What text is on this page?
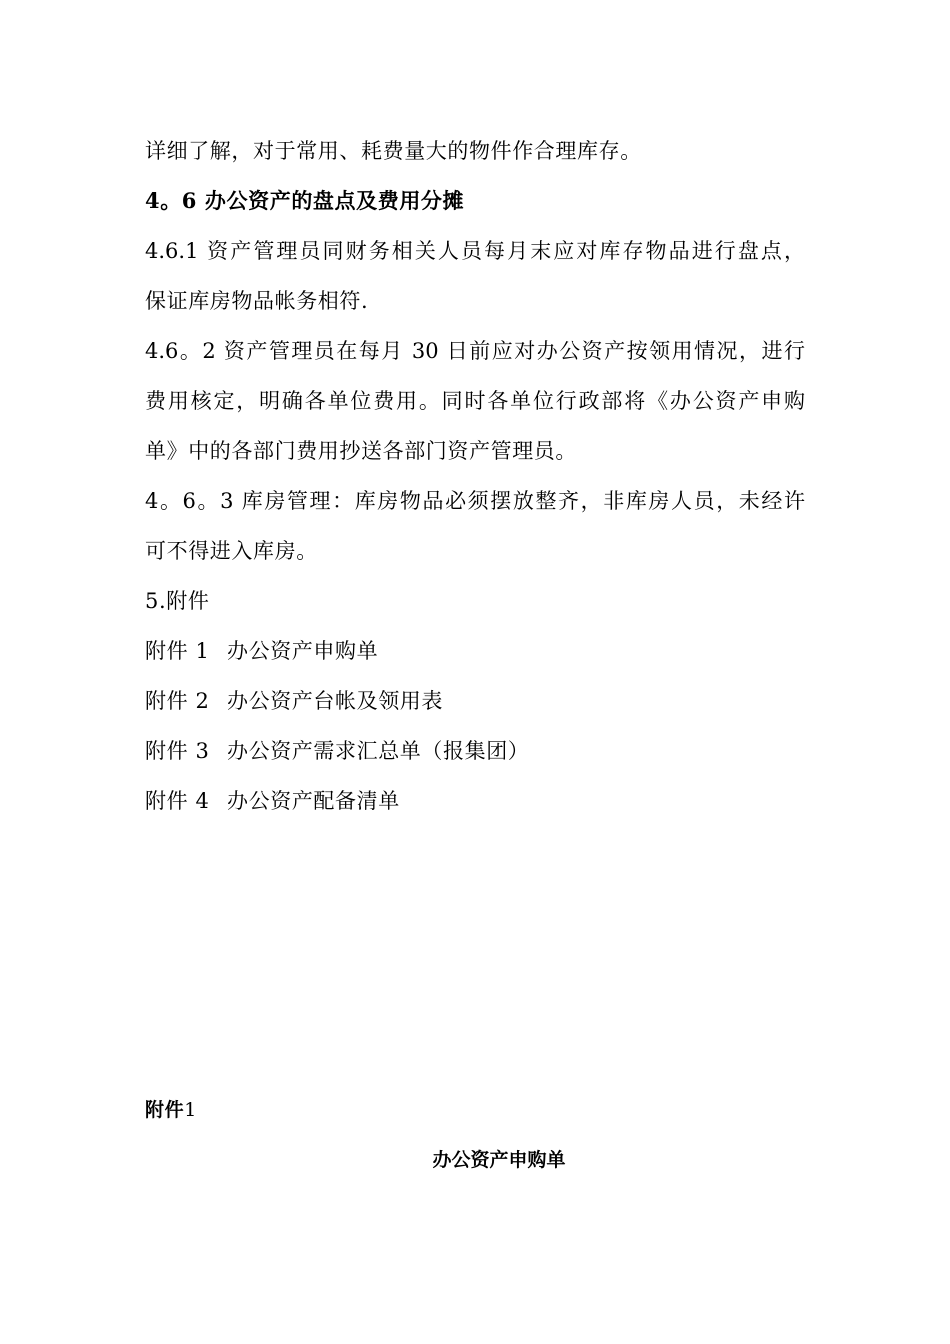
详细了解，对于常用、耗费量大的物件作合理库存。
4。6 办公资产的盘点及费用分摊
4.6.1 资产管理员同财务相关人员每月末应对库存物品进行盘点，
保证库房物品帐务相符.
4.6。2 资产管理员在每月 30 日前应对办公资产按领用情况，进行
费用核定，明确各单位费用。同时各单位行政部将《办公资产申购
单》中的各部门费用抄送各部门资产管理员。
4。6。3 库房管理：库房物品必须摆放整齐，非库房人员，未经许
可不得进入库房。
5.附件
附件 1 办公资产申购单
附件 2 办公资产台帐及领用表
附件 3 办公资产需求汇总单（报集团）
附件 4 办公资产配备清单
附件1
办公资产申购单
